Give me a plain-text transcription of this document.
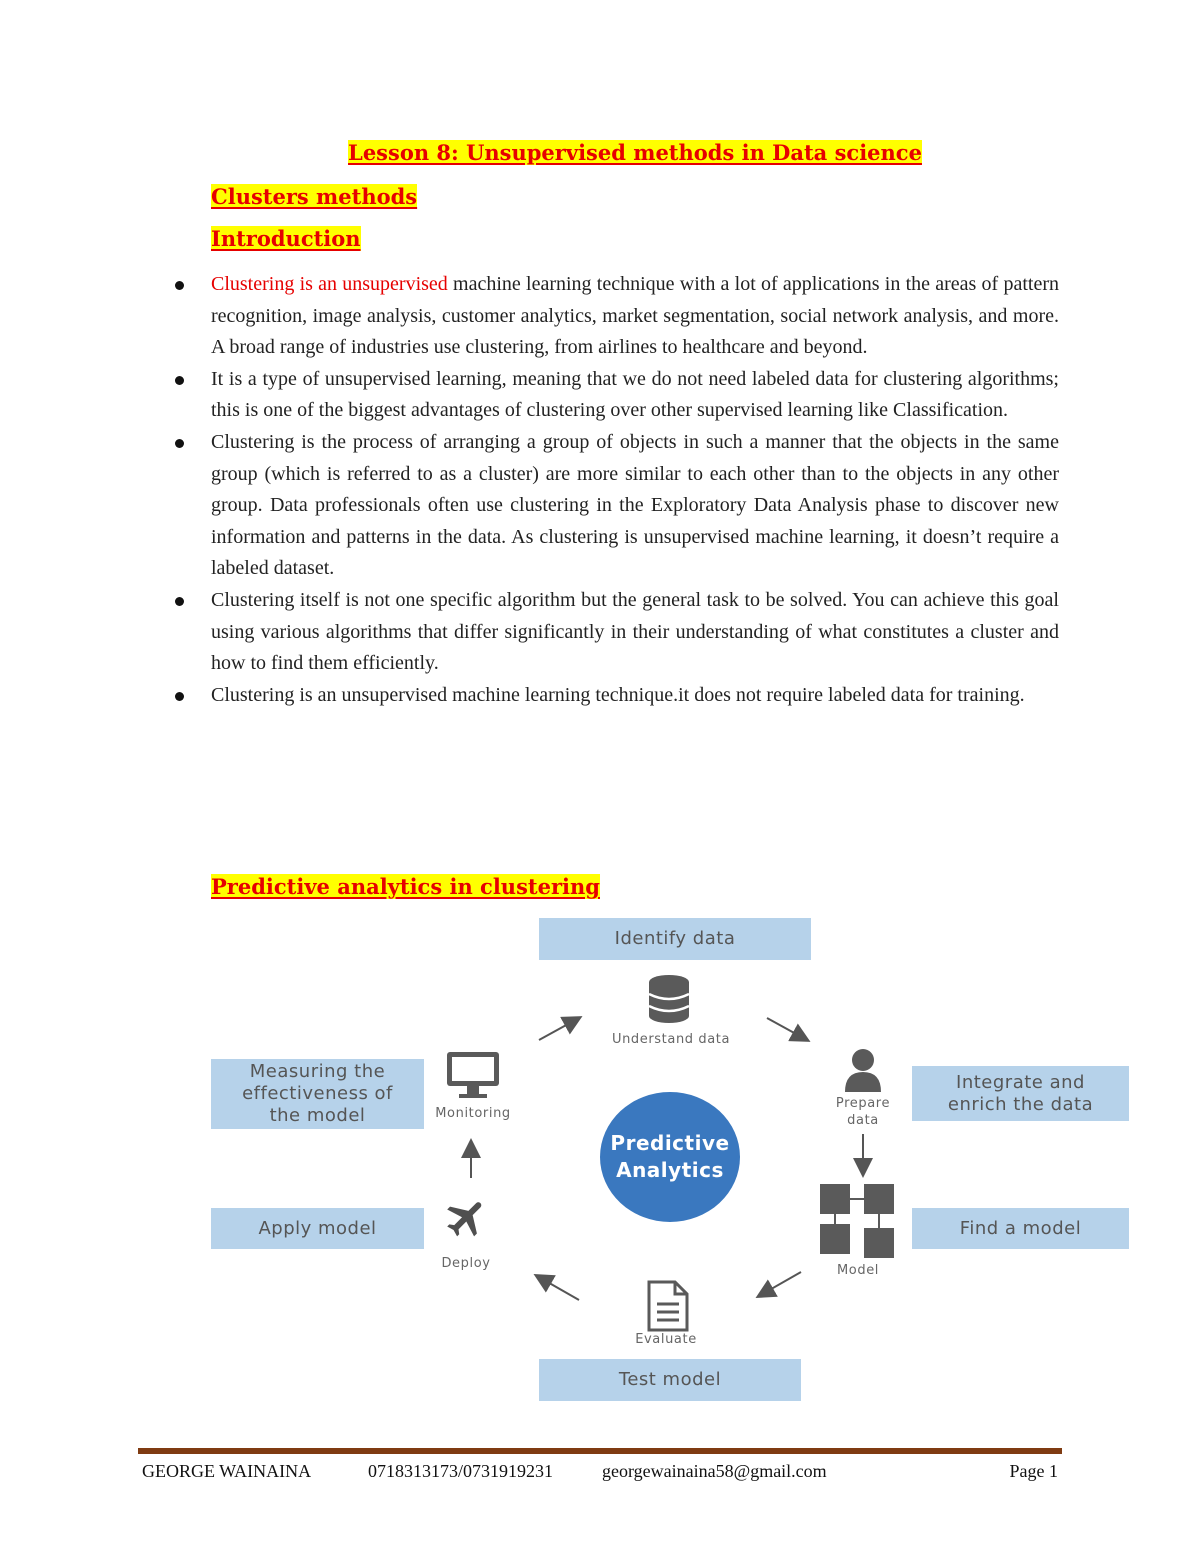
Lesson 8: Unsupervised methods in Data science
Clusters methods
Introduction
Clustering is an unsupervised machine learning technique with a lot of applications in the areas of pattern recognition, image analysis, customer analytics, market segmentation, social network analysis, and more. A broad range of industries use clustering, from airlines to healthcare and beyond.
It is a type of unsupervised learning, meaning that we do not need labeled data for clustering algorithms; this is one of the biggest advantages of clustering over other supervised learning like Classification.
Clustering is the process of arranging a group of objects in such a manner that the objects in the same group (which is referred to as a cluster) are more similar to each other than to the objects in any other group. Data professionals often use clustering in the Exploratory Data Analysis phase to discover new information and patterns in the data. As clustering is unsupervised machine learning, it doesn’t require a labeled dataset.
Clustering itself is not one specific algorithm but the general task to be solved. You can achieve this goal using various algorithms that differ significantly in their understanding of what constitutes a cluster and how to find them efficiently.
Clustering is an unsupervised machine learning technique.it does not require labeled data for training.
Predictive analytics in clustering
Identify data
Integrate and
enrich the data
Find a model
Test model
Apply model
Measuring the
effectiveness of
the model
Understand data
Prepare
data
Model
Evaluate
Deploy
Monitoring
Predictive
Analytics
GEORGE WAINAINA	0718313173/0731919231	georgewainaina58@gmail.com	Page 1
